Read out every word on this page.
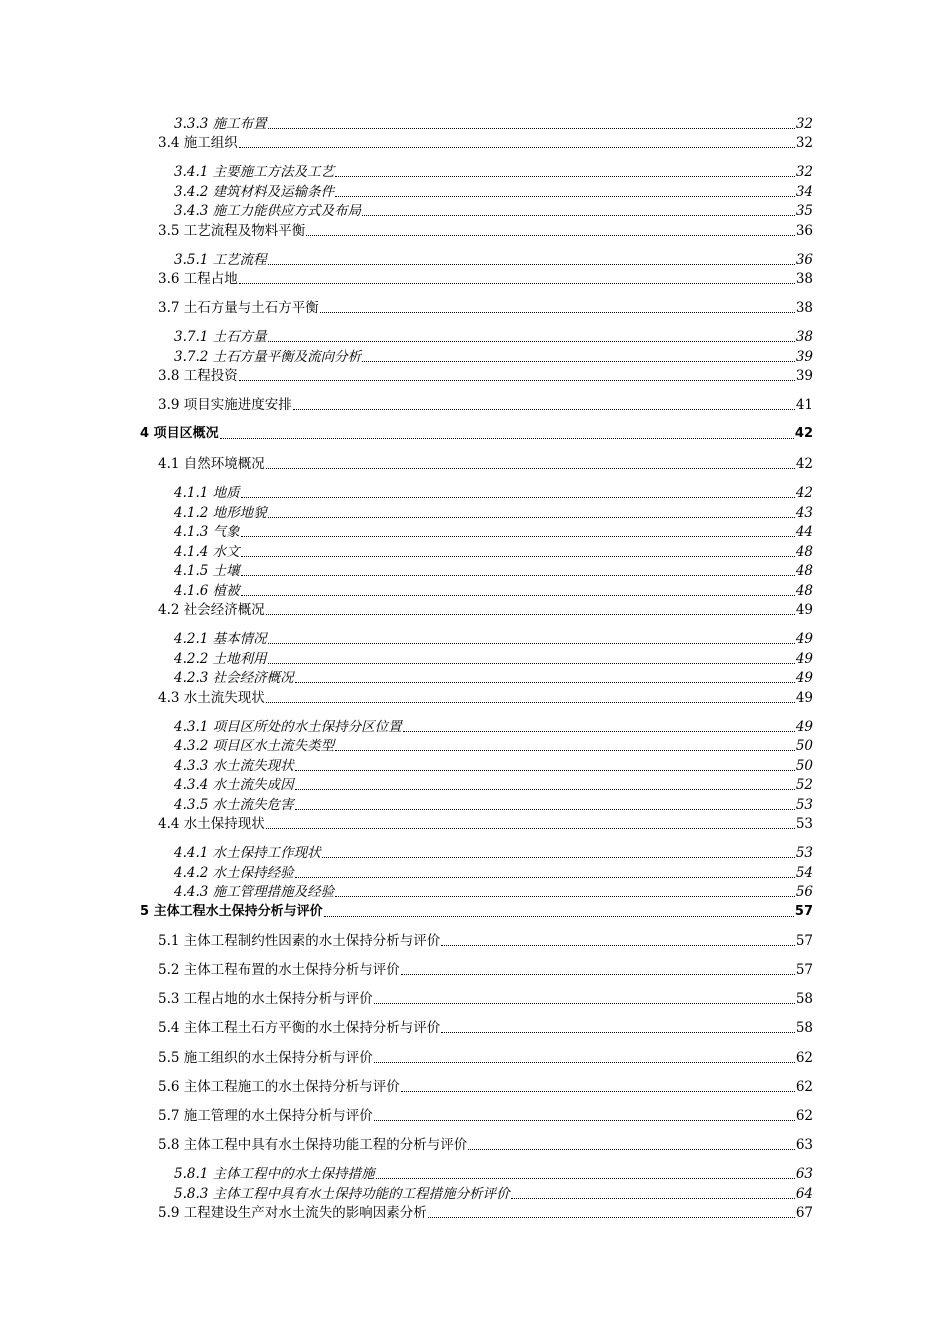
3.3.3 施工布置	32
3.4 施工组织	32
3.4.1 主要施工方法及工艺	32
3.4.2 建筑材料及运输条件	34
3.4.3 施工力能供应方式及布局	35
3.5 工艺流程及物料平衡	36
3.5.1 工艺流程	36
3.6 工程占地	38
3.7 土石方量与土石方平衡	38
3.7.1 土石方量	38
3.7.2 土石方量平衡及流向分析	39
3.8 工程投资	39
3.9 项目实施进度安排	41
4 项目区概况	42
4.1 自然环境概况	42
4.1.1 地质	42
4.1.2 地形地貌	43
4.1.3 气象	44
4.1.4 水文	48
4.1.5 土壤	48
4.1.6 植被	48
4.2 社会经济概况	49
4.2.1 基本情况	49
4.2.2 土地利用	49
4.2.3 社会经济概况	49
4.3 水土流失现状	49
4.3.1 项目区所处的水土保持分区位置	49
4.3.2 项目区水土流失类型	50
4.3.3 水土流失现状	50
4.3.4 水土流失成因	52
4.3.5 水土流失危害	53
4.4 水土保持现状	53
4.4.1 水土保持工作现状	53
4.4.2 水土保持经验	54
4.4.3 施工管理措施及经验	56
5 主体工程水土保持分析与评价	57
5.1 主体工程制约性因素的水土保持分析与评价	57
5.2 主体工程布置的水土保持分析与评价	57
5.3 工程占地的水土保持分析与评价	58
5.4 主体工程土石方平衡的水土保持分析与评价	58
5.5 施工组织的水土保持分析与评价	62
5.6 主体工程施工的水土保持分析与评价	62
5.7 施工管理的水土保持分析与评价	62
5.8 主体工程中具有水土保持功能工程的分析与评价	63
5.8.1 主体工程中的水土保持措施	63
5.8.3 主体工程中具有水土保持功能的工程措施分析评价	64
5.9 工程建设生产对水土流失的影响因素分析	67
